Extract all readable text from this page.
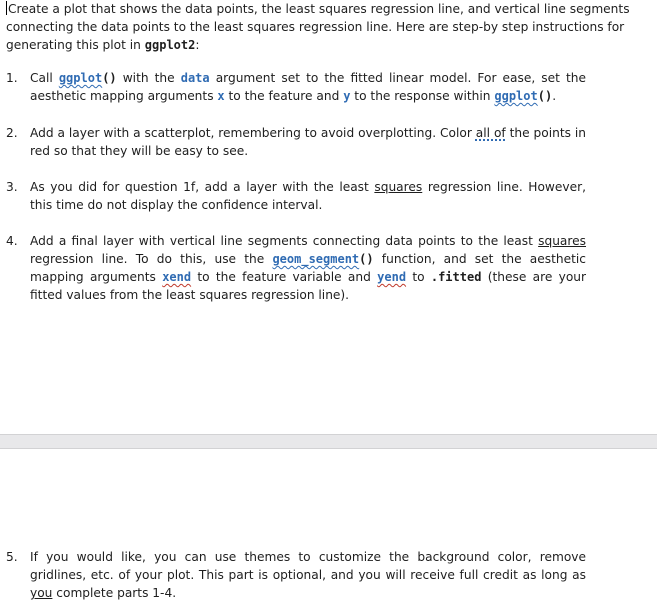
Create a plot that shows the data points, the least squares regression line, and vertical line segments connecting the data points to the least squares regression line. Here are step-by step instructions for generating this plot in ggplot2:
1.	Call ggplot() with the data argument set to the fitted linear model. For ease, set the aesthetic mapping arguments x to the feature and y to the response within ggplot().
2.	Add a layer with a scatterplot, remembering to avoid overplotting. Color all of the points in red so that they will be easy to see.
3.	As you did for question 1f, add a layer with the least squares regression line. However, this time do not display the confidence interval.
4.	Add a final layer with vertical line segments connecting data points to the least squares regression line. To do this, use the geom_segment() function, and set the aesthetic mapping arguments xend to the feature variable and yend to .fitted (these are your fitted values from the least squares regression line).
5.	If you would like, you can use themes to customize the background color, remove gridlines, etc. of your plot. This part is optional, and you will receive full credit as long as you complete parts 1-4.
